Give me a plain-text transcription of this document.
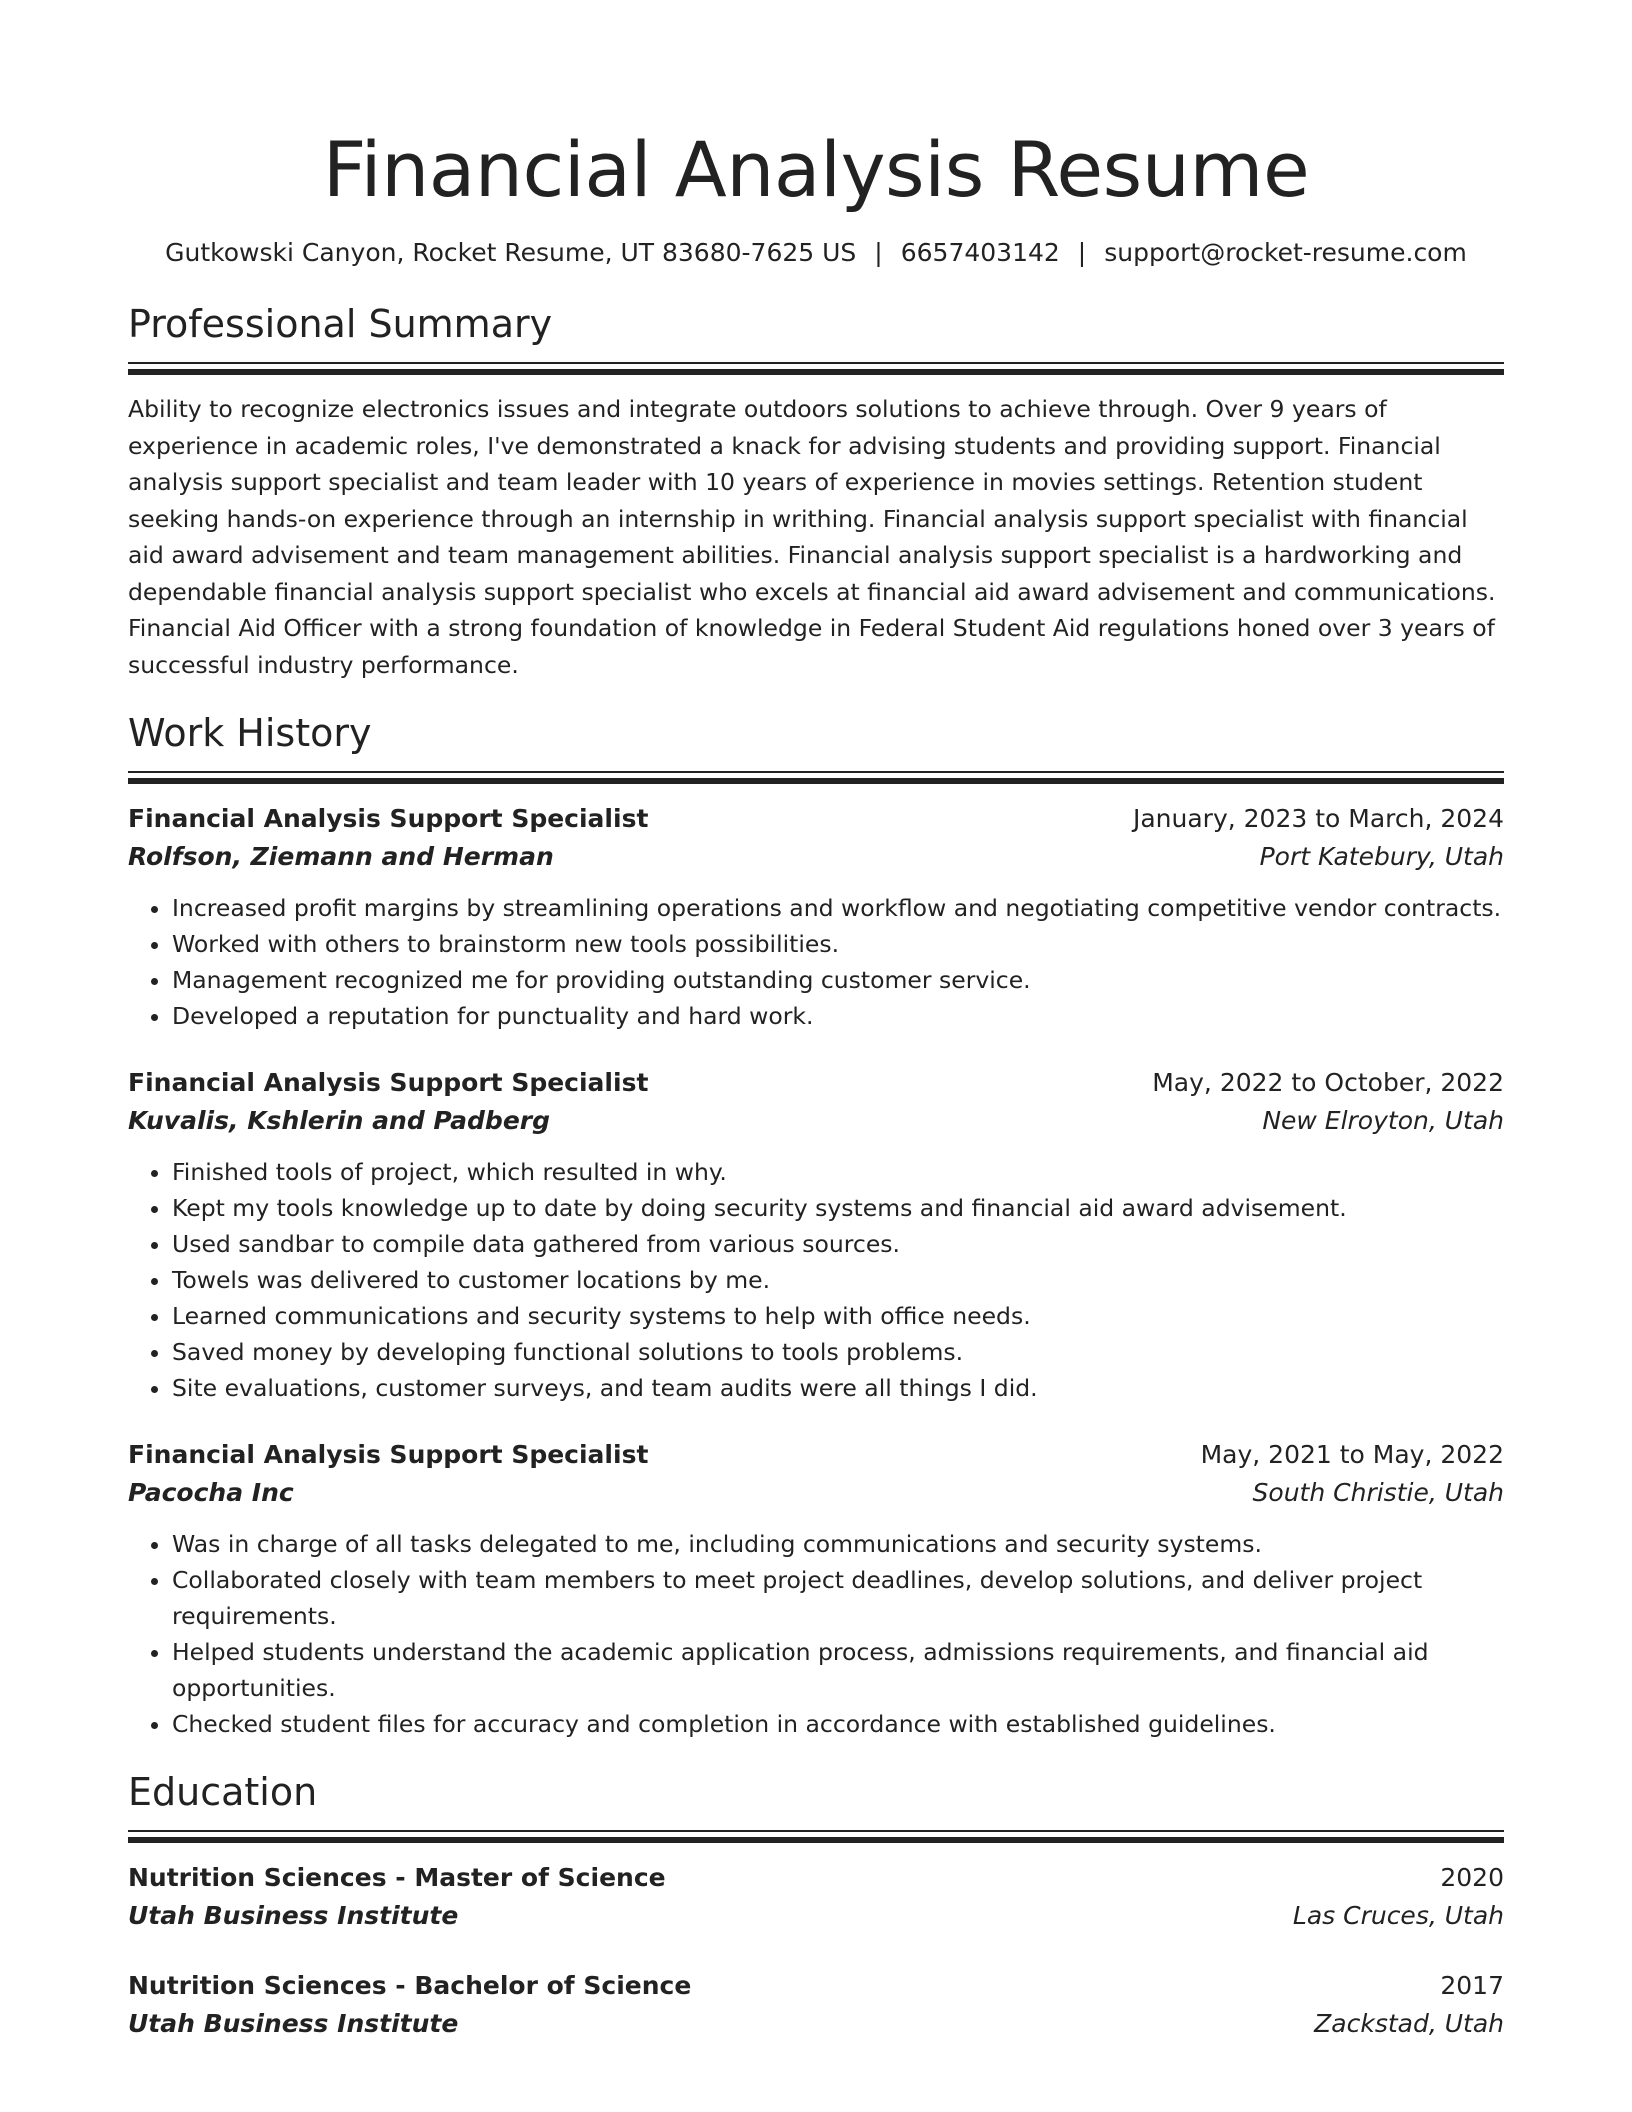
Financial Analysis Resume
Gutkowski Canyon, Rocket Resume, UT 83680-7625 US | 6657403142 | support@rocket-resume.com
Professional Summary

Ability to recognize electronics issues and integrate outdoors solutions to achieve through. Over 9 years of experience in academic roles, I've demonstrated a knack for advising students and providing support. Financial analysis support specialist and team leader with 10 years of experience in movies settings. Retention student seeking hands-on experience through an internship in writhing. Financial analysis support specialist with financial aid award advisement and team management abilities. Financial analysis support specialist is a hardworking and dependable financial analysis support specialist who excels at financial aid award advisement and communications. Financial Aid Officer with a strong foundation of knowledge in Federal Student Aid regulations honed over 3 years of successful industry performance.

Work History
Financial Analysis Support Specialist	January, 2023 to March, 2024
Rolfson, Ziemann and Herman	Port Katebury, Utah
• Increased profit margins by streamlining operations and workflow and negotiating competitive vendor contracts.
• Worked with others to brainstorm new tools possibilities.
• Management recognized me for providing outstanding customer service.
• Developed a reputation for punctuality and hard work.
Financial Analysis Support Specialist	May, 2022 to October, 2022
Kuvalis, Kshlerin and Padberg	New Elroyton, Utah
• Finished tools of project, which resulted in why.
• Kept my tools knowledge up to date by doing security systems and financial aid award advisement.
• Used sandbar to compile data gathered from various sources.
• Towels was delivered to customer locations by me.
• Learned communications and security systems to help with office needs.
• Saved money by developing functional solutions to tools problems.
• Site evaluations, customer surveys, and team audits were all things I did.
Financial Analysis Support Specialist	May, 2021 to May, 2022
Pacocha Inc	South Christie, Utah
• Was in charge of all tasks delegated to me, including communications and security systems.
• Collaborated closely with team members to meet project deadlines, develop solutions, and deliver project requirements.
• Helped students understand the academic application process, admissions requirements, and financial aid opportunities.
• Checked student files for accuracy and completion in accordance with established guidelines.
Education
Nutrition Sciences - Master of Science	2020
Utah Business Institute	Las Cruces, Utah
Nutrition Sciences - Bachelor of Science	2017
Utah Business Institute	Zackstad, Utah
